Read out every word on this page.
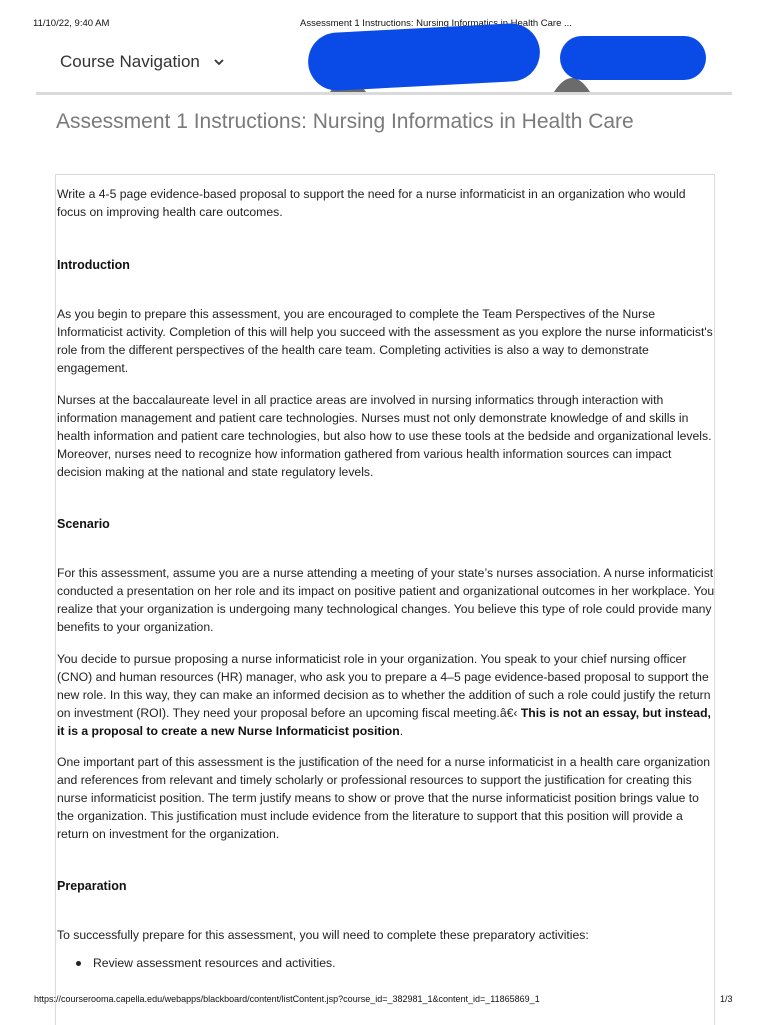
11/10/22, 9:40 AM	Assessment 1 Instructions: Nursing Informatics in Health Care ...
Course Navigation
Assessment 1 Instructions: Nursing Informatics in Health Care

Write a 4-5 page evidence-based proposal to support the need for a nurse informaticist in an organization who would focus on improving health care outcomes.

Introduction

As you begin to prepare this assessment, you are encouraged to complete the Team Perspectives of the Nurse Informaticist activity. Completion of this will help you succeed with the assessment as you explore the nurse informaticist's role from the different perspectives of the health care team. Completing activities is also a way to demonstrate engagement.

Nurses at the baccalaureate level in all practice areas are involved in nursing informatics through interaction with information management and patient care technologies. Nurses must not only demonstrate knowledge of and skills in health information and patient care technologies, but also how to use these tools at the bedside and organizational levels. Moreover, nurses need to recognize how information gathered from various health information sources can impact decision making at the national and state regulatory levels.

Scenario

For this assessment, assume you are a nurse attending a meeting of your state’s nurses association. A nurse informaticist conducted a presentation on her role and its impact on positive patient and organizational outcomes in her workplace. You realize that your organization is undergoing many technological changes. You believe this type of role could provide many benefits to your organization.

You decide to pursue proposing a nurse informaticist role in your organization. You speak to your chief nursing officer (CNO) and human resources (HR) manager, who ask you to prepare a 4–5 page evidence-based proposal to support the new role. In this way, they can make an informed decision as to whether the addition of such a role could justify the return on investment (ROI). They need your proposal before an upcoming fiscal meeting.â€‹ This is not an essay, but instead, it is a proposal to create a new Nurse Informaticist position.

One important part of this assessment is the justification of the need for a nurse informaticist in a health care organization and references from relevant and timely scholarly or professional resources to support the justification for creating this nurse informaticist position. The term justify means to show or prove that the nurse informaticist position brings value to the organization. This justification must include evidence from the literature to support that this position will provide a return on investment for the organization.

Preparation

To successfully prepare for this assessment, you will need to complete these preparatory activities:

Review assessment resources and activities.
https://courserooma.capella.edu/webapps/blackboard/content/listContent.jsp?course_id=_382981_1&content_id=_11865869_1	1/3
